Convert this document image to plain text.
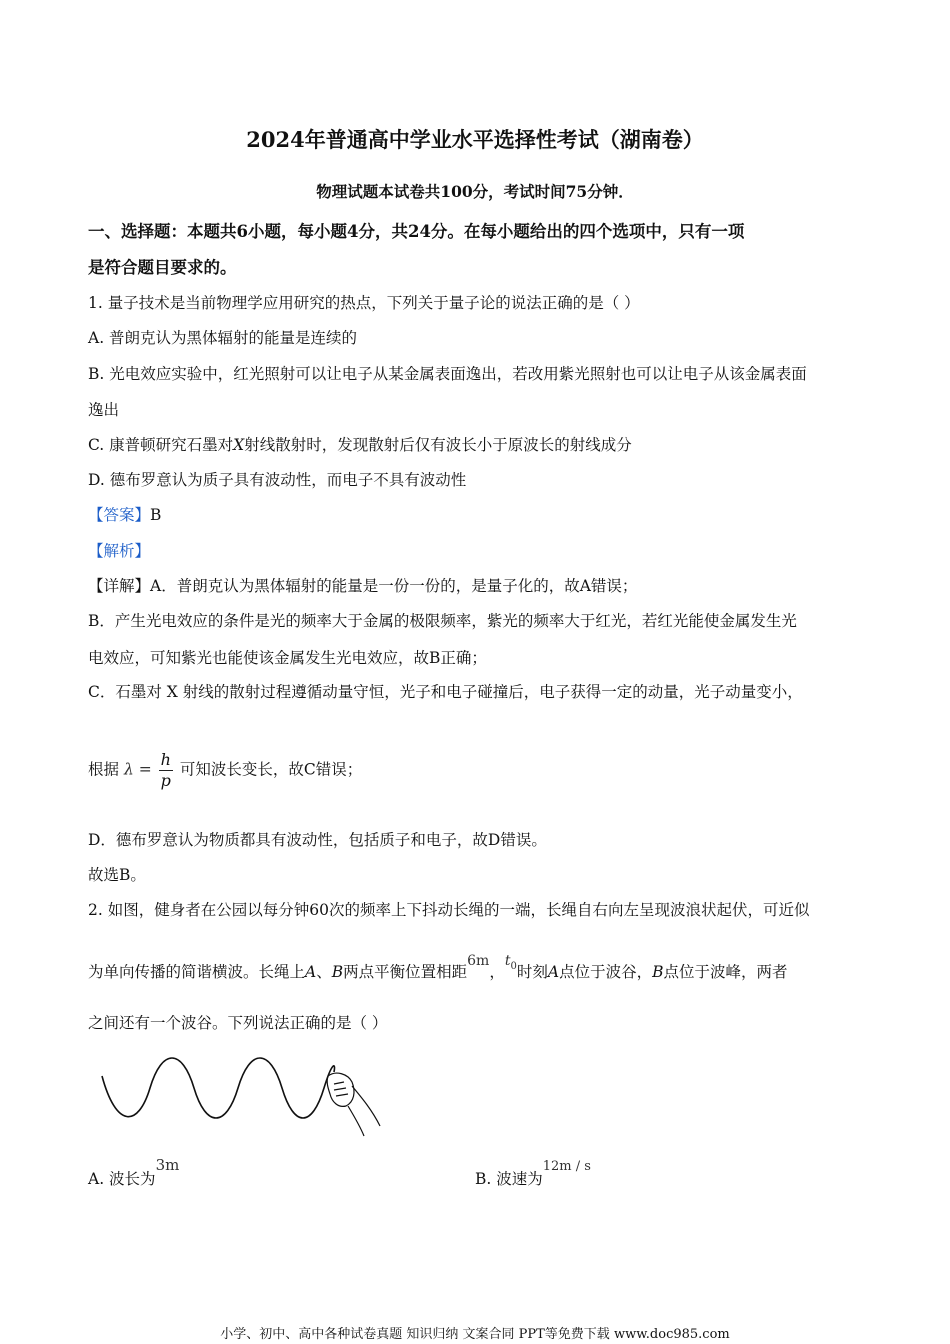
2024年普通高中学业水平选择性考试（湖南卷）
物理试题本试卷共100分，考试时间75分钟．
一、选择题：本题共6小题，每小题4分，共24分。在每小题给出的四个选项中，只有一项
是符合题目要求的。
1. 量子技术是当前物理学应用研究的热点，下列关于量子论的说法正确的是（ ）
A. 普朗克认为黑体辐射的能量是连续的
B. 光电效应实验中，红光照射可以让电子从某金属表面逸出，若改用紫光照射也可以让电子从该金属表面
逸出
C. 康普顿研究石墨对X射线散射时，发现散射后仅有波长小于原波长的射线成分
D. 德布罗意认为质子具有波动性，而电子不具有波动性
【答案】B
【解析】
【详解】A．普朗克认为黑体辐射的能量是一份一份的，是量子化的，故A错误；
B．产生光电效应的条件是光的频率大于金属的极限频率，紫光的频率大于红光，若红光能使金属发生光
电效应，可知紫光也能使该金属发生光电效应，故B正确；
C．石墨对 X 射线的散射过程遵循动量守恒，光子和电子碰撞后，电子获得一定的动量，光子动量变小，
根据 $\lambda = \frac{h}{p}$ 可知波长变长，故C错误；
D．德布罗意认为物质都具有波动性，包括质子和电子，故D错误。
故选B。
2. 如图，健身者在公园以每分钟60次的频率上下抖动长绳的一端，长绳自右向左呈现波浪状起伏，可近似
为单向传播的简谐横波。长绳上A、B两点平衡位置相距6m，$t_0$时刻A点位于波谷，B点位于波峰，两者
之间还有一个波谷。下列说法正确的是（ ）
A. 波长为3m
B. 波速为$^{12m / s}$
小学、初中、高中各种试卷真题 知识归纳 文案合同 PPT等免费下载 www.doc985.com
